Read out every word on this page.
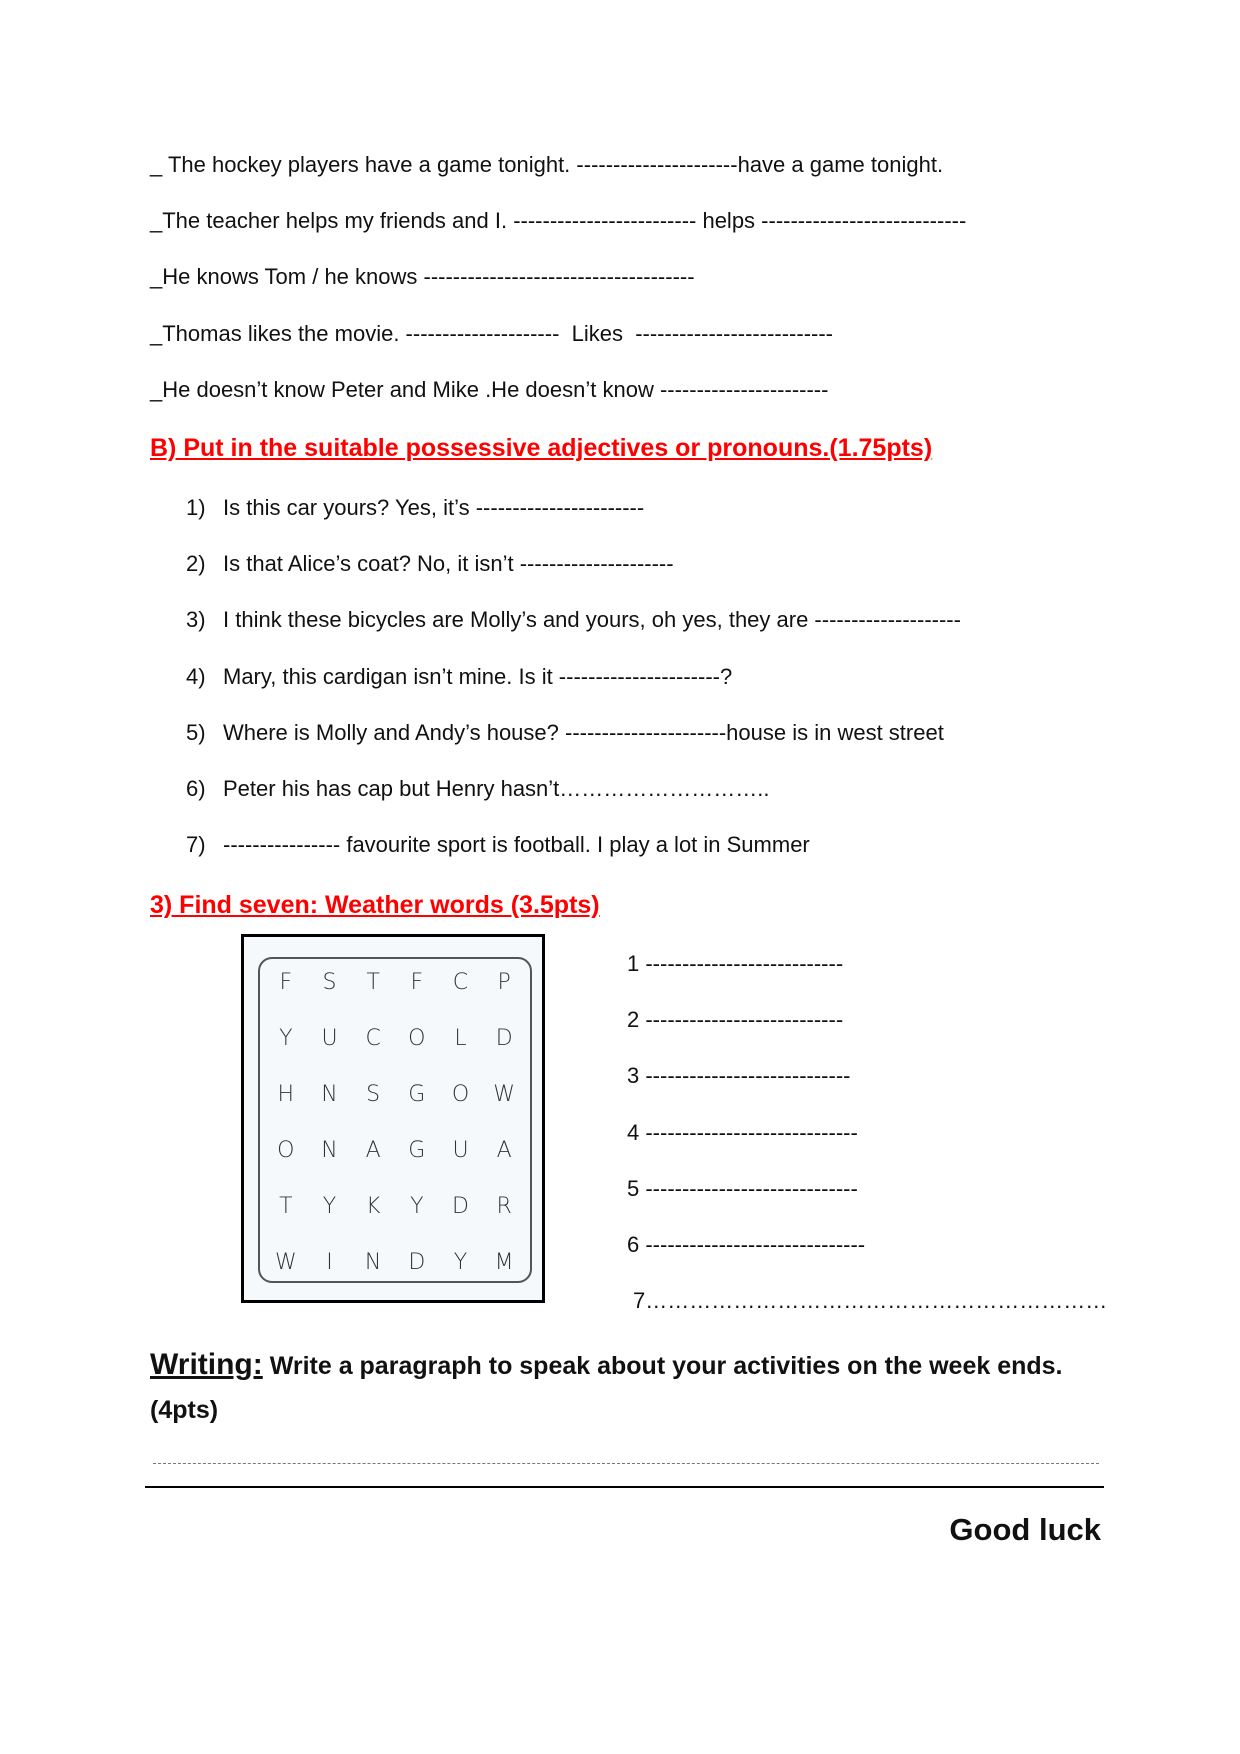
_ The hockey players have a game tonight. ----------------------have a game tonight.
_The teacher helps my friends and I. ------------------------- helps ----------------------------
_He knows Tom / he knows -------------------------------------
_Thomas likes the movie. ---------------------  Likes  ---------------------------
_He doesn’t know Peter and Mike .He doesn’t know -----------------------
B) Put in the suitable possessive adjectives or pronouns.(1.75pts)
1) Is this car yours? Yes, it’s -----------------------
2) Is that Alice’s coat? No, it isn’t ---------------------
3) I think these bicycles are Molly’s and yours, oh yes, they are --------------------
4) Mary, this cardigan isn’t mine. Is it ----------------------?
5) Where is Molly and Andy’s house? ----------------------house is in west street
6) Peter his has cap but Henry hasn’t………………………..
7) ---------------- favourite sport is football. I play a lot in Summer
3) Find seven: Weather words (3.5pts)

F	S	T	F	C	P
Y	U	C	O	L	D
H	N	S	G	O	W
O	N	A	G	U	A
T	Y	K	Y	D	R
W	I	N	D	Y	M

1 ---------------------------
2 ---------------------------
3 ----------------------------
4 -----------------------------
5 -----------------------------
6 ------------------------------
7………………………………………………………
Writing: Write a paragraph to speak about your activities on the week ends.
(4pts)
Good luck
